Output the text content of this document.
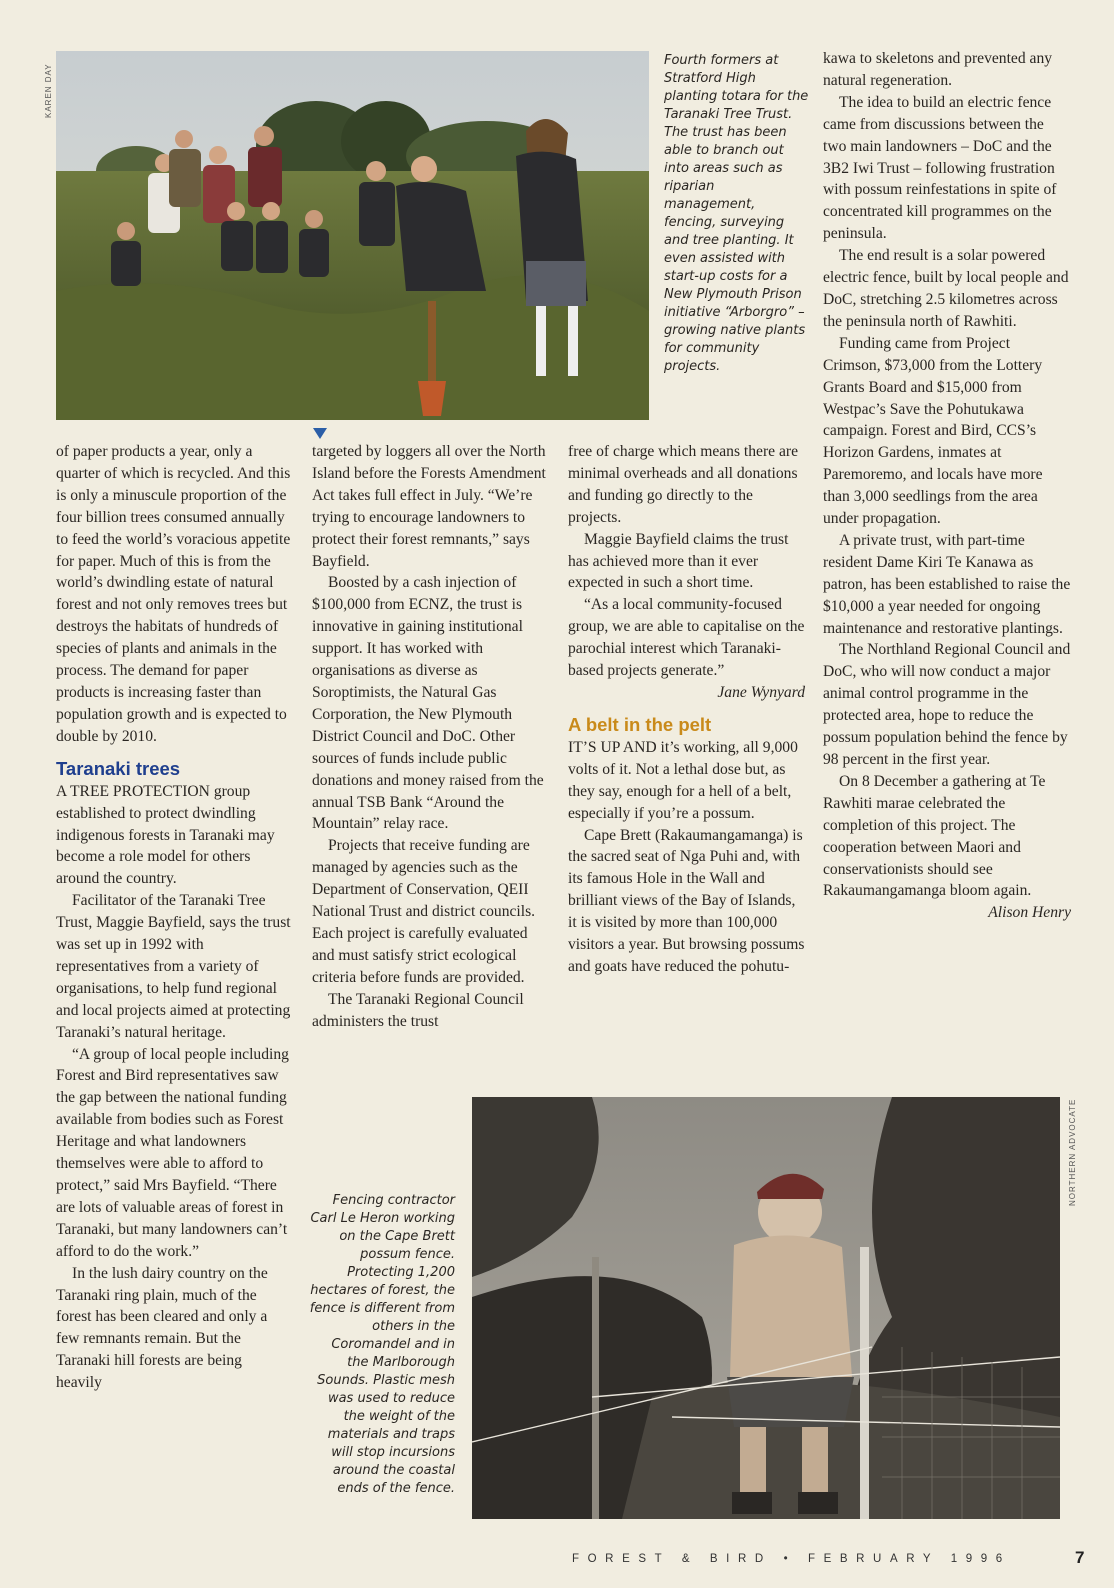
KAREN DAY
Fourth formers at Stratford High planting totara for the Taranaki Tree Trust. The trust has been able to branch out into areas such as riparian management, fencing, surveying and tree planting. It even assisted with start-up costs for a New Plymouth Prison initiative “Arborgro” – growing native plants for community projects.

of paper products a year, only a quarter of which is recycled. And this is only a minuscule proportion of the four billion trees consumed annually to feed the world’s voracious appetite for paper. Much of this is from the world’s dwindling estate of natural forest and not only removes trees but destroys the habitats of hundreds of species of plants and animals in the process. The demand for paper products is increasing faster than population growth and is expected to double by 2010.

Taranaki trees

A TREE PROTECTION group established to protect dwindling indigenous forests in Taranaki may become a role model for others around the country.

Facilitator of the Taranaki Tree Trust, Maggie Bayfield, says the trust was set up in 1992 with representatives from a variety of organisations, to help fund regional and local projects aimed at protecting Taranaki’s natural heritage.

“A group of local people including Forest and Bird representatives saw the gap between the national funding available from bodies such as Forest Heritage and what landowners themselves were able to afford to protect,” said Mrs Bayfield. “There are lots of valuable areas of forest in Taranaki, but many landowners can’t afford to do the work.”

In the lush dairy country on the Taranaki ring plain, much of the forest has been cleared and only a few remnants remain. But the Taranaki hill forests are being heavily

targeted by loggers all over the North Island before the Forests Amendment Act takes full effect in July. “We’re trying to encourage landowners to protect their forest remnants,” says Bayfield.

Boosted by a cash injection of $100,000 from ECNZ, the trust is innovative in gaining institutional support. It has worked with organisations as diverse as Soroptimists, the Natural Gas Corporation, the New Plymouth District Council and DoC. Other sources of funds include public donations and money raised from the annual TSB Bank “Around the Mountain” relay race.

Projects that receive funding are managed by agencies such as the Department of Conservation, QEII National Trust and district councils. Each project is carefully evaluated and must satisfy strict ecological criteria before funds are provided.

The Taranaki Regional Council administers the trust

free of charge which means there are minimal overheads and all donations and funding go directly to the projects.

Maggie Bayfield claims the trust has achieved more than it ever expected in such a short time.

“As a local community-focused group, we are able to capitalise on the parochial interest which Taranaki-based projects generate.”

Jane Wynyard

A belt in the pelt

IT’S UP AND it’s working, all 9,000 volts of it. Not a lethal dose but, as they say, enough for a hell of a belt, especially if you’re a possum.

Cape Brett (Rakaumangamanga) is the sacred seat of Nga Puhi and, with its famous Hole in the Wall and brilliant views of the Bay of Islands, it is visited by more than 100,000 visitors a year. But browsing possums and goats have reduced the pohutu-

kawa to skeletons and prevented any natural regeneration.

The idea to build an electric fence came from discussions between the two main landowners – DoC and the 3B2 Iwi Trust – following frustration with possum reinfestations in spite of concentrated kill programmes on the peninsula.

The end result is a solar powered electric fence, built by local people and DoC, stretching 2.5 kilometres across the peninsula north of Rawhiti.

Funding came from Project Crimson, $73,000 from the Lottery Grants Board and $15,000 from Westpac’s Save the Pohutukawa campaign. Forest and Bird, CCS’s Horizon Gardens, inmates at Paremoremo, and locals have more than 3,000 seedlings from the area under propagation.

A private trust, with part-time resident Dame Kiri Te Kanawa as patron, has been established to raise the $10,000 a year needed for ongoing maintenance and restorative plantings.

The Northland Regional Council and DoC, who will now conduct a major animal control programme in the protected area, hope to reduce the possum population behind the fence by 98 percent in the first year.

On 8 December a gathering at Te Rawhiti marae celebrated the completion of this project. The cooperation between Maori and conservationists should see Rakaumangamanga bloom again.

Alison Henry

Fencing contractor Carl Le Heron working on the Cape Brett possum fence. Protecting 1,200 hectares of forest, the fence is different from others in the Coromandel and in the Marlborough Sounds. Plastic mesh was used to reduce the weight of the materials and traps will stop incursions around the coastal ends of the fence.
NORTHERN ADVOCATE
FOREST & BIRD • FEBRUARY 1996	7
